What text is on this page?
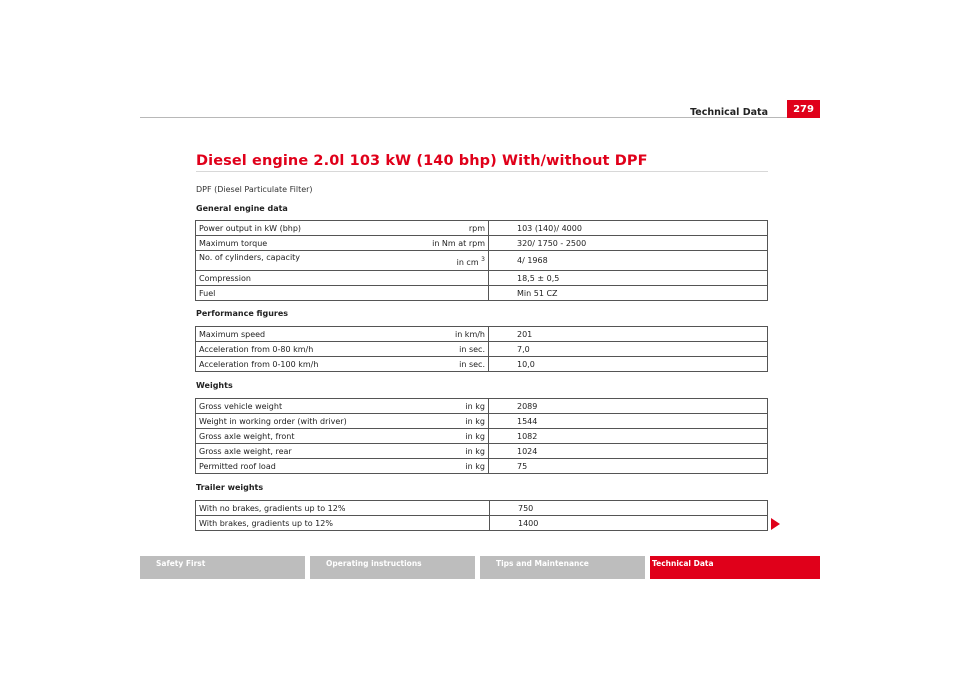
Technical Data	279
Diesel engine 2.0l 103 kW (140 bhp) With/without DPF
DPF (Diesel Particulate Filter)
General engine data
Power output in kW (bhp)	rpm	103 (140)/ 4000
Maximum torque	in Nm at rpm	320/ 1750 - 2500
No. of cylinders, capacity	in cm $^3$	4/ 1968
Compression		18,5 ± 0,5
Fuel		Min 51 CZ
Performance figures
Maximum speed	in km/h	201
Acceleration from 0-80 km/h	in sec.	7,0
Acceleration from 0-100 km/h	in sec.	10,0
Weights
Gross vehicle weight	in kg	2089
Weight in working order (with driver)	in kg	1544
Gross axle weight, front	in kg	1082
Gross axle weight, rear	in kg	1024
Permitted roof load	in kg	75
Trailer weights
With no brakes, gradients up to 12%	750
With brakes, gradients up to 12%	1400
Safety First	Operating instructions	Tips and Maintenance	Technical Data
